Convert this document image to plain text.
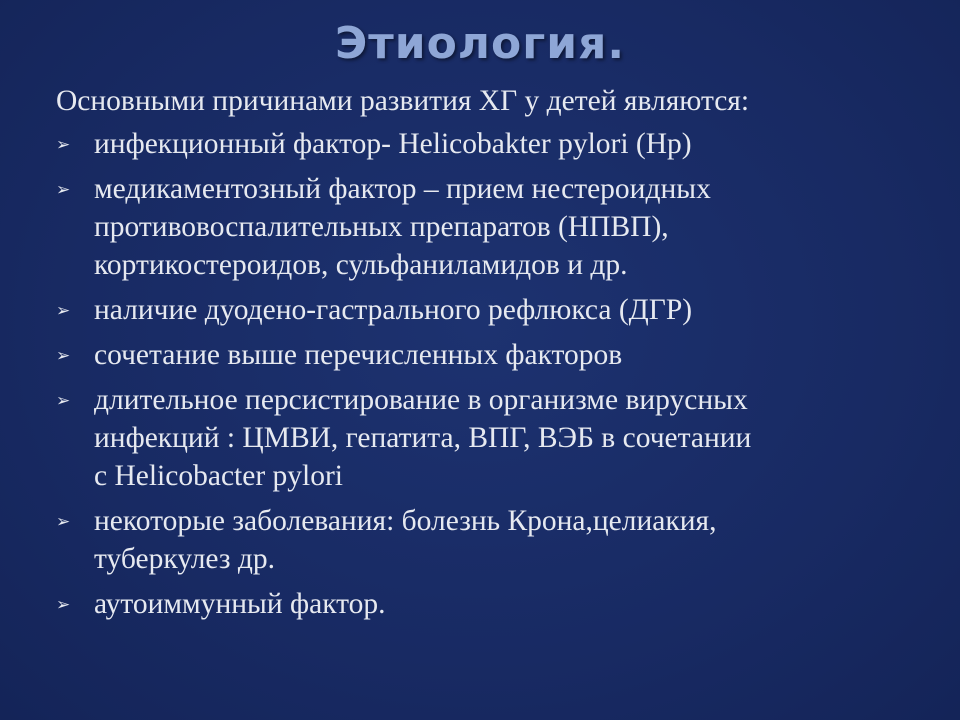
Этиология.
Основными причинами развития ХГ у детей являются:
➢ инфекционный фактор- Helicobakter pylori (Hp)
➢ медикаментозный фактор – прием нестероидных
противовоспалительных препаратов (НПВП),
кортикостероидов, сульфаниламидов и др.
➢ наличие дуодено-гастрального рефлюкса (ДГР)
➢ сочетание выше перечисленных факторов
➢ длительное персистирование в организме вирусных
инфекций : ЦМВИ, гепатита, ВПГ, ВЭБ в сочетании
с Helicobacter pylori
➢ некоторые заболевания: болезнь Крона,целиакия,
туберкулез др.
➢ аутоиммунный фактор.
